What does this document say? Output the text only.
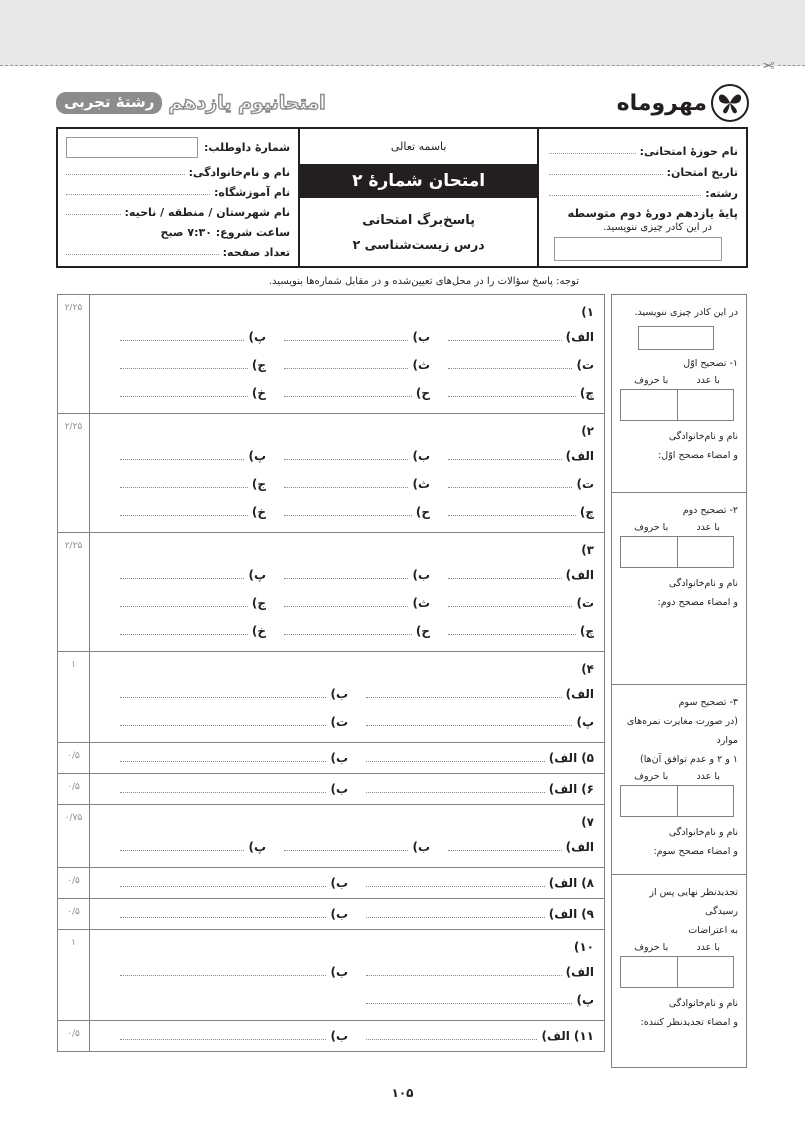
✂
مهروماه
امتحانیوم یازدهم
رشتهٔ تجربی
نام حوزهٔ امتحانی:
تاریخ امتحان:
رشته:
پایهٔ یازدهم دورهٔ دوم متوسطه
در این کادر چیزی ننویسید.
باسمه تعالی
امتحان شمارهٔ ۲
پاسخ‌برگ امتحانی
درس زیست‌شناسی ۲
شمارهٔ داوطلب:
نام و نام‌خانوادگی:
نام آموزشگاه:
نام شهرستان / منطقه / ناحیه:
ساعت شروع: ۷:۳۰ صبح
تعداد صفحه:
توجه: پاسخ سؤالات را در محل‌های تعیین‌شده و در مقابل شماره‌ها بنویسید.
۱)
الف)
ب)
پ)
ت)
ث)
ج)
چ)
ح)
خ)
۲/۲۵
۲)
الف)
ب)
پ)
ت)
ث)
ج)
چ)
ح)
خ)
۲/۲۵
۳)
الف)
ب)
پ)
ت)
ث)
ج)
چ)
ح)
خ)
۲/۲۵
۴)
الف)
ب)
پ)
ت)
۱
۵)
الف)
ب)
۰/۵
۶)
الف)
ب)
۰/۵
۷)
الف)
ب)
پ)
۰/۷۵
۸)
الف)
ب)
۰/۵
۹)
الف)
ب)
۰/۵
۱۰)
الف)
ب)
پ)
۱
۱۱)
الف)
ب)
۰/۵
در این کادر چیزی ننویسید.
۱- تصحیح اوّل
با عدد
با حروف
نام و نام‌خانوادگی
و امضاء مصحح اوّل:
۲- تصحیح دوم
با عدد
با حروف
نام و نام‌خانوادگی
و امضاء مصحح دوم:
۳- تصحیح سوم
(در صورت مغایرت نمره‌های موارد
۱ و ۲ و عدم توافق آن‌ها)
با عدد
با حروف
نام و نام‌خانوادگی
و امضاء مصحح سوم:
تجدیدنظر نهایی پس از رسیدگی
به اعتراضات
با عدد
با حروف
نام و نام‌خانوادگی
و امضاء تجدیدنظر کننده:
۱۰۵
